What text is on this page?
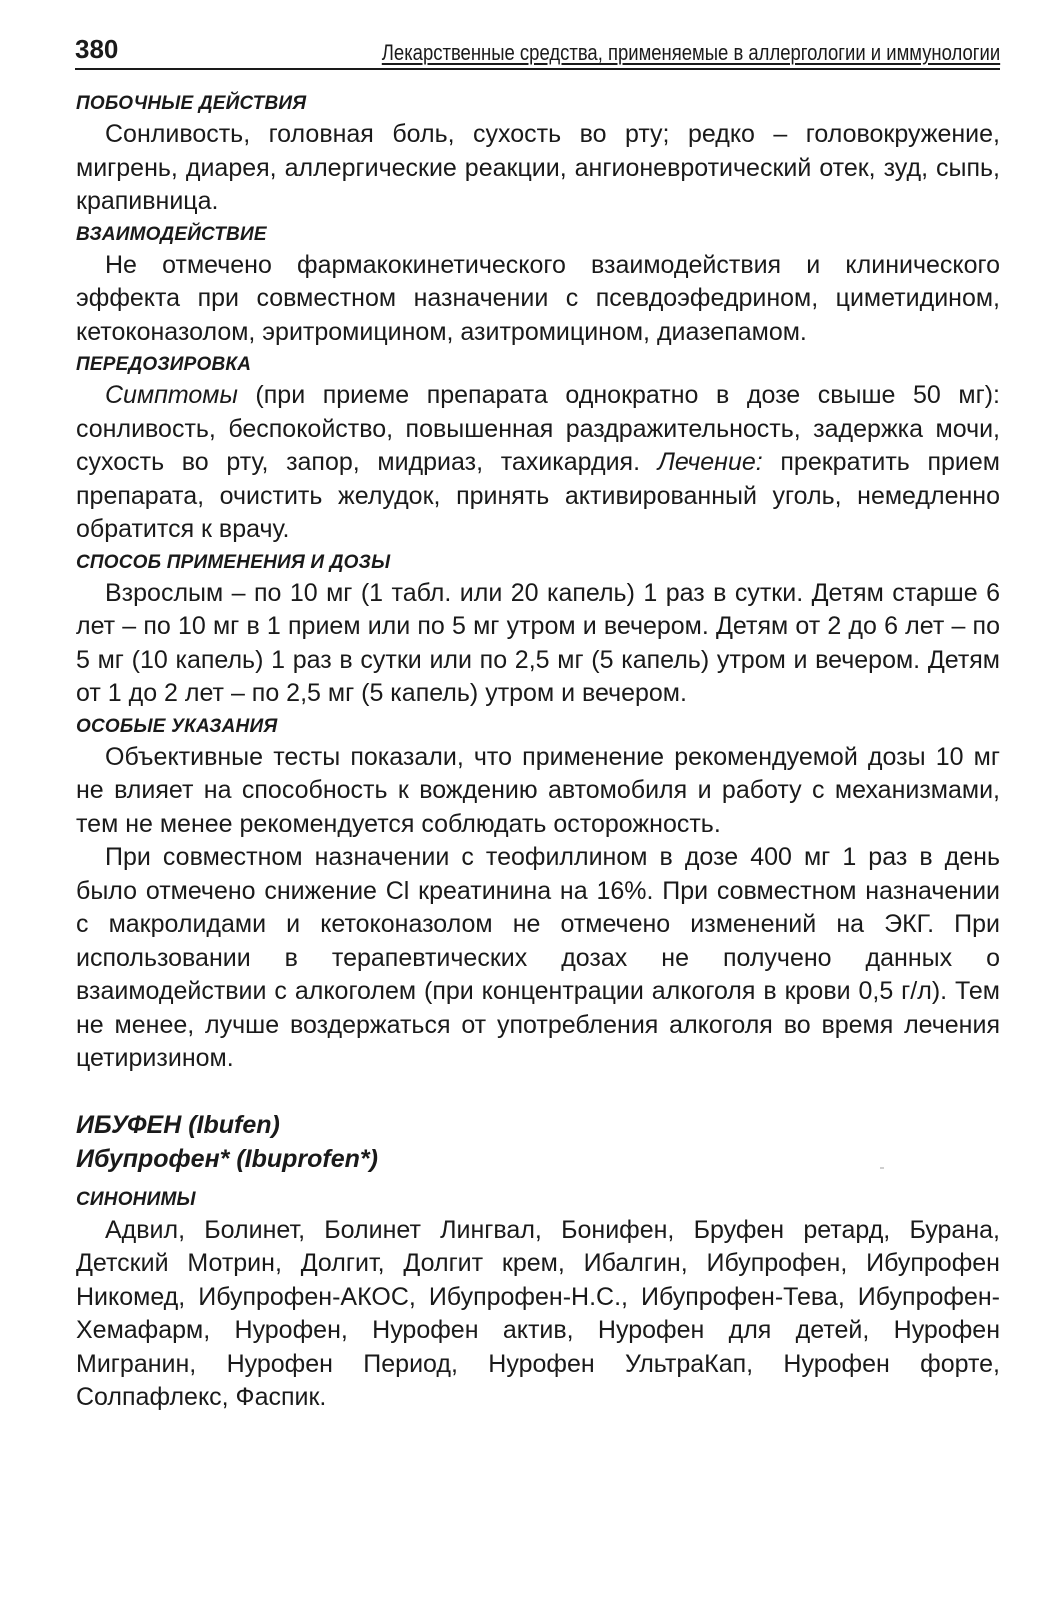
380	Лекарственные средства, применяемые в аллергологии и иммунологии
ПОБОЧНЫЕ ДЕЙСТВИЯ

Сонливость, головная боль, сухость во рту; редко – головокружение, мигрень, диарея, аллергические реакции, ангионевротический отек, зуд, сыпь, крапивница.

ВЗАИМОДЕЙСТВИЕ

Не отмечено фармакокинетического взаимодействия и клинического эффекта при совместном назначении с псевдоэфедрином, циметидином, кетоконазолом, эритромицином, азитромицином, диазепамом.

ПЕРЕДОЗИРОВКА

Симптомы (при приеме препарата однократно в дозе свыше 50 мг): сонливость, беспокойство, повышенная раздражительность, задержка мочи, сухость во рту, запор, мидриаз, тахикардия. Лечение: прекратить прием препарата, очистить желудок, принять активированный уголь, немедленно обратится к врачу.

СПОСОБ ПРИМЕНЕНИЯ И ДОЗЫ

Взрослым – по 10 мг (1 табл. или 20 капель) 1 раз в сутки. Детям старше 6 лет – по 10 мг в 1 прием или по 5 мг утром и вечером. Детям от 2 до 6 лет – по 5 мг (10 капель) 1 раз в сутки или по 2,5 мг (5 капель) утром и вечером. Детям от 1 до 2 лет – по 2,5 мг (5 капель) утром и вечером.

ОСОБЫЕ УКАЗАНИЯ

Объективные тесты показали, что применение рекомендуемой дозы 10 мг не влияет на способность к вождению автомобиля и работу с механизмами, тем не менее рекомендуется соблюдать осторожность.

При совместном назначении с теофиллином в дозе 400 мг 1 раз в день было отмечено снижение Cl креатинина на 16%. При совместном назначении с макролидами и кетоконазолом не отмечено изменений на ЭКГ. При использовании в терапевтических дозах не получено данных о взаимодействии с алкоголем (при концентрации алкоголя в крови 0,5 г/л). Тем не менее, лучше воздержаться от употребления алкоголя во время лечения цетиризином.

ИБУФЕН (Ibufen)

Ибупрофен* (Ibuprofen*)

СИНОНИМЫ

Адвил, Болинет, Болинет Лингвал, Бонифен, Бруфен ретард, Бурана, Детский Мотрин, Долгит, Долгит крем, Ибалгин, Ибупрофен, Ибупрофен Никомед, Ибупрофен-АКОС, Ибупрофен-Н.С., Ибупрофен-Тева, Ибупрофен-Хемафарм, Нурофен, Нурофен актив, Нурофен для детей, Нурофен Мигранин, Нурофен Период, Нурофен УльтраКап, Нурофен форте, Солпафлекс, Фаспик.
